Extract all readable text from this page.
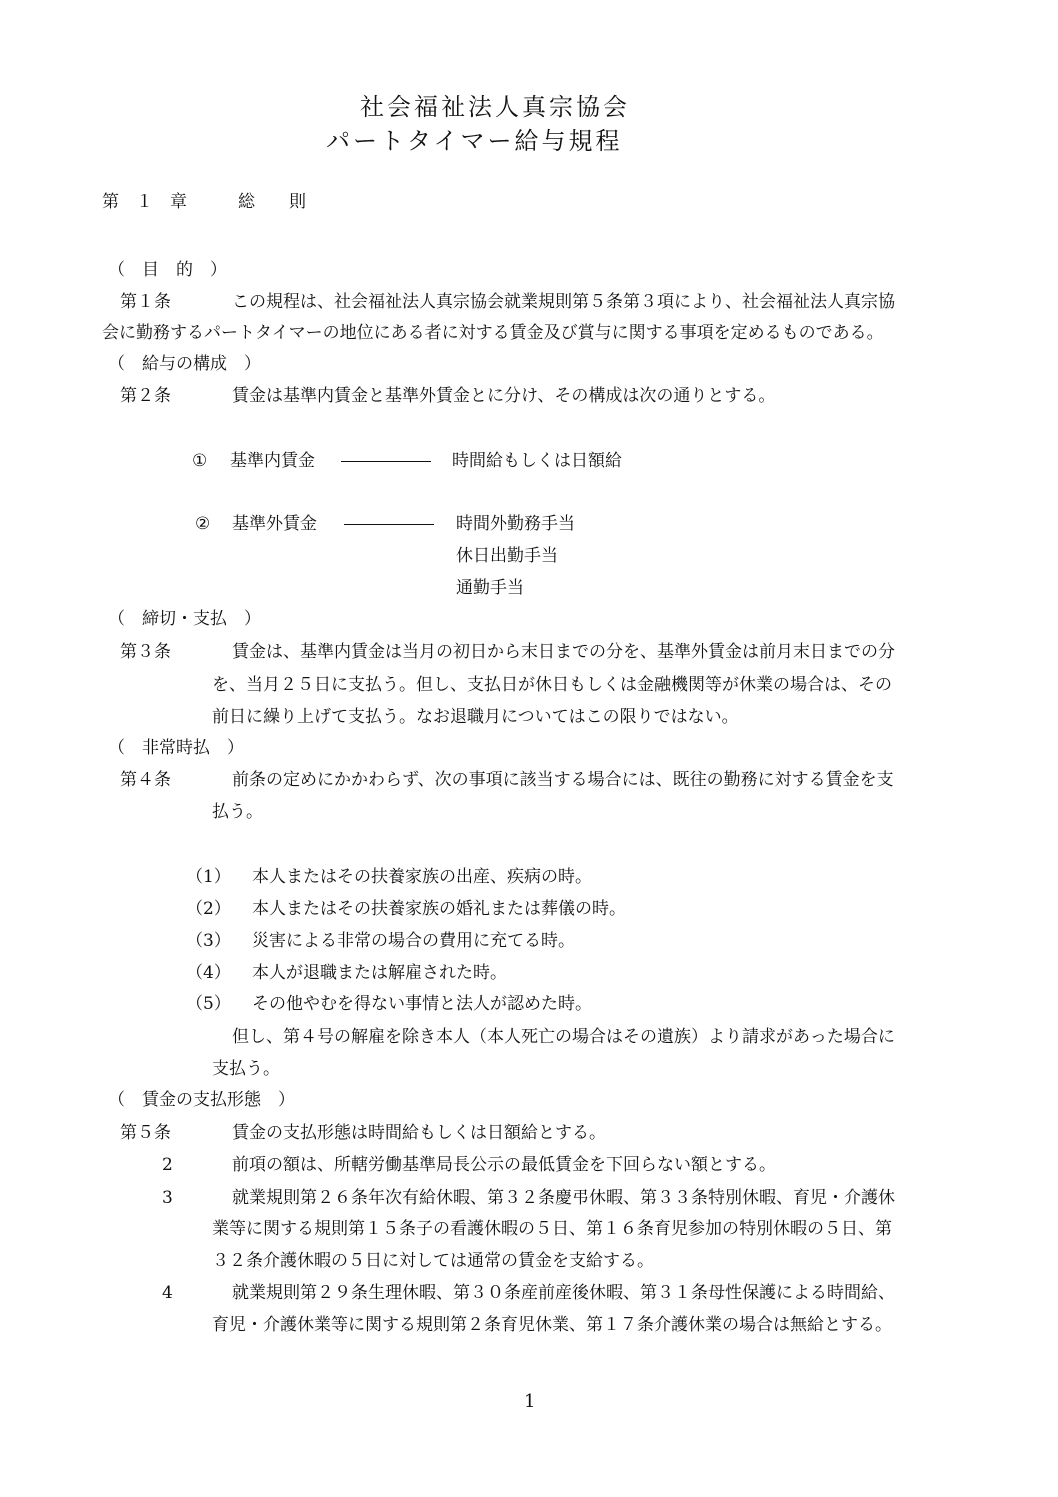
社会福祉法人真宗協会
パートタイマー給与規程
第　１　章　　　総　　則
（　目　的　）
第１条	この規程は、社会福祉法人真宗協会就業規則第５条第３項により、社会福祉法人真宗協
会に勤務するパートタイマーの地位にある者に対する賃金及び賞与に関する事項を定めるものである。
（　給与の構成　）
第２条	賃金は基準内賃金と基準外賃金とに分け、その構成は次の通りとする。
① 基準内賃金	時間給もしくは日額給
② 基準外賃金	時間外勤務手当
休日出勤手当
通勤手当
（　締切・支払　）
第３条	賃金は、基準内賃金は当月の初日から末日までの分を、基準外賃金は前月末日までの分
を、当月２５日に支払う。但し、支払日が休日もしくは金融機関等が休業の場合は、その
前日に繰り上げて支払う。なお退職月についてはこの限りではない。
（　非常時払　）
第４条	前条の定めにかかわらず、次の事項に該当する場合には、既往の勤務に対する賃金を支
払う。
（1） 本人またはその扶養家族の出産、疾病の時。
（2） 本人またはその扶養家族の婚礼または葬儀の時。
（3） 災害による非常の場合の費用に充てる時。
（4） 本人が退職または解雇された時。
（5） その他やむを得ない事情と法人が認めた時。
但し、第４号の解雇を除き本人（本人死亡の場合はその遺族）より請求があった場合に
支払う。
（　賃金の支払形態　）
第５条	賃金の支払形態は時間給もしくは日額給とする。
2	前項の額は、所轄労働基準局長公示の最低賃金を下回らない額とする。
3	就業規則第２６条年次有給休暇、第３２条慶弔休暇、第３３条特別休暇、育児・介護休
業等に関する規則第１５条子の看護休暇の５日、第１６条育児参加の特別休暇の５日、第
３２条介護休暇の５日に対しては通常の賃金を支給する。
4	就業規則第２９条生理休暇、第３０条産前産後休暇、第３１条母性保護による時間給、
育児・介護休業等に関する規則第２条育児休業、第１７条介護休業の場合は無給とする。
1
